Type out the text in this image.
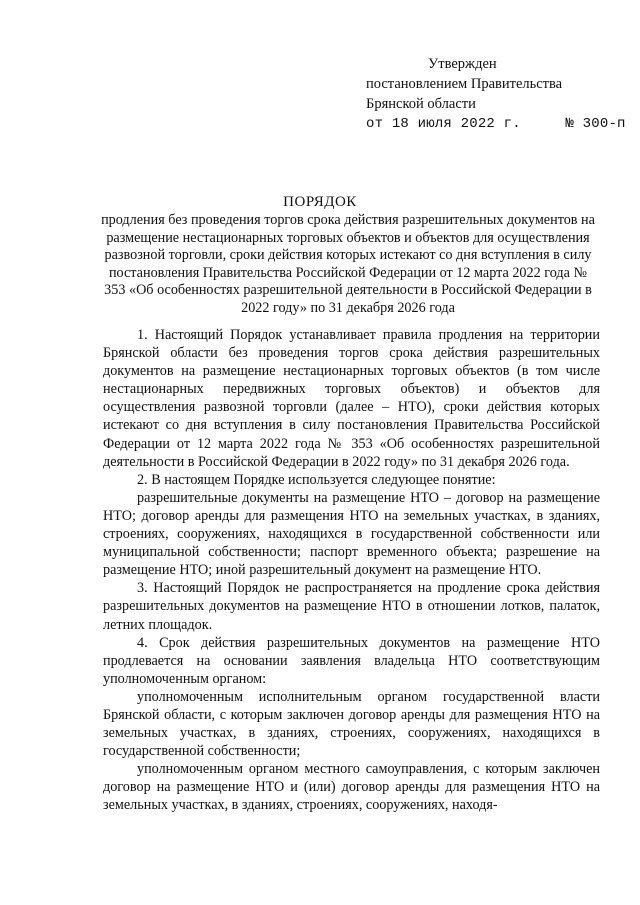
Утвержден
постановлением Правительства
Брянской области
от 18 июля 2022 г.	№ 300-п
ПОРЯДОК
продления без проведения торгов срока действия разрешительных документов на размещение нестационарных торговых объектов и объектов для осуществления развозной торговли, сроки действия которых истекают со дня вступления в силу постановления Правительства Российской Федерации от 12 марта 2022 года № 353 «Об особенностях разрешительной деятельности в Российской Федерации в 2022 году» по 31 декабря 2026 года

1. Настоящий Порядок устанавливает правила продления на территории Брянской области без проведения торгов срока действия разрешительных документов на размещение нестационарных торговых объектов (в том числе нестационарных передвижных торговых объектов) и объектов для осуществления развозной торговли (далее – НТО), сроки действия которых истекают со дня вступления в силу постановления Правительства Российской Федерации от 12 марта 2022 года № 353 «Об особенностях разрешительной деятельности в Российской Федерации в 2022 году» по 31 декабря 2026 года.

2. В настоящем Порядке используется следующее понятие:

разрешительные документы на размещение НТО – договор на размещение НТО; договор аренды для размещения НТО на земельных участках, в зданиях, строениях, сооружениях, находящихся в государственной собственности или муниципальной собственности; паспорт временного объекта; разрешение на размещение НТО; иной разрешительный документ на размещение НТО.

3. Настоящий Порядок не распространяется на продление срока действия разрешительных документов на размещение НТО в отношении лотков, палаток, летних площадок.

4. Срок действия разрешительных документов на размещение НТО продлевается на основании заявления владельца НТО соответствующим уполномоченным органом:

уполномоченным исполнительным органом государственной власти Брянской области, с которым заключен договор аренды для размещения НТО на земельных участках, в зданиях, строениях, сооружениях, находящихся в государственной собственности;

уполномоченным органом местного самоуправления, с которым заключен договор на размещение НТО и (или) договор аренды для размещения НТО на земельных участках, в зданиях, строениях, сооружениях, находя-
